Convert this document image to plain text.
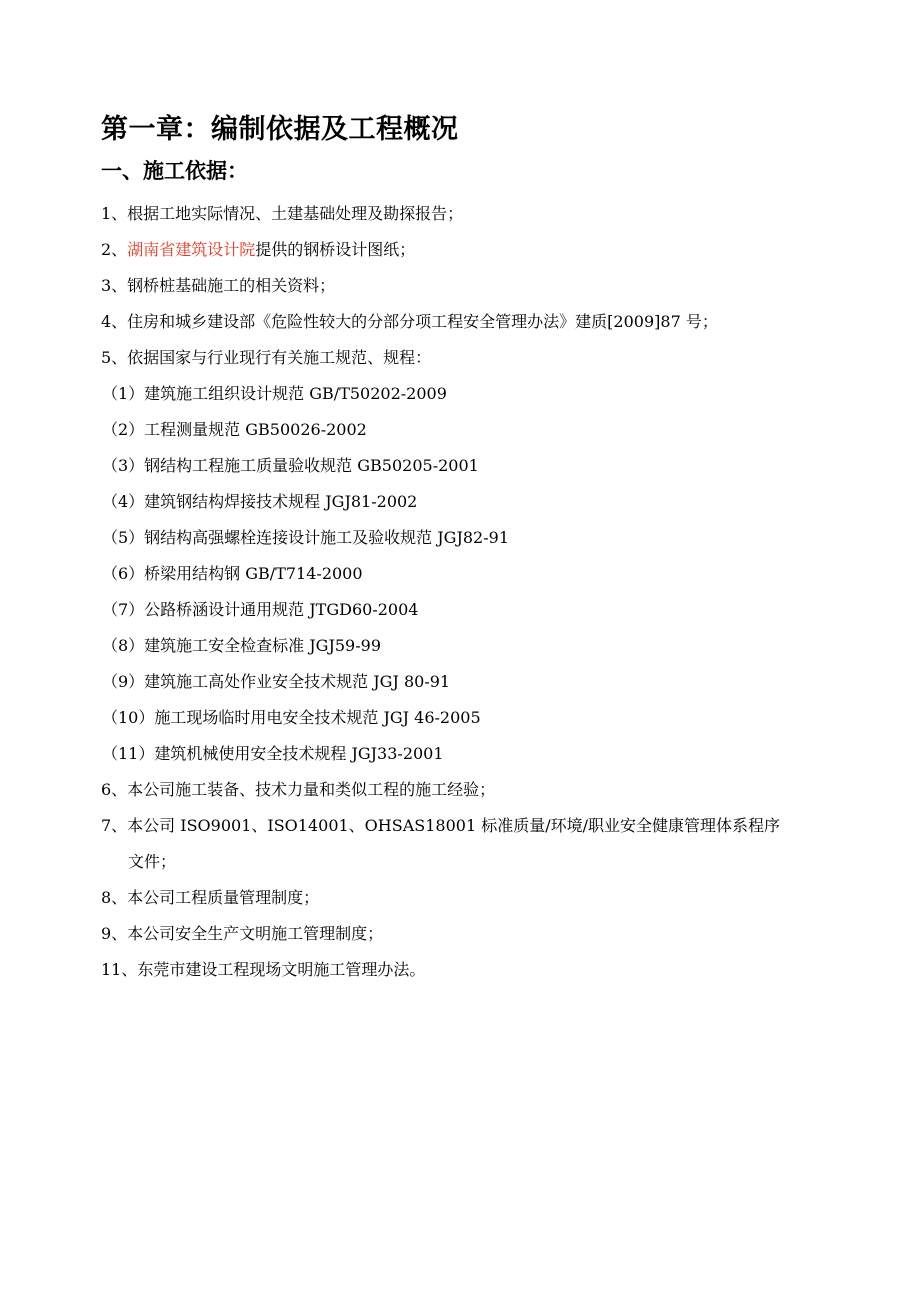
第一章：编制依据及工程概况
一、施工依据：
1、根据工地实际情况、土建基础处理及勘探报告；
2、湖南省建筑设计院提供的钢桥设计图纸；
3、钢桥桩基础施工的相关资料；
4、住房和城乡建设部《危险性较大的分部分项工程安全管理办法》建质[2009]87 号；
5、依据国家与行业现行有关施工规范、规程：
（1）建筑施工组织设计规范 GB/T50202-2009
（2）工程测量规范 GB50026-2002
（3）钢结构工程施工质量验收规范 GB50205-2001
（4）建筑钢结构焊接技术规程 JGJ81-2002
（5）钢结构高强螺栓连接设计施工及验收规范 JGJ82-91
（6）桥梁用结构钢 GB/T714-2000
（7）公路桥涵设计通用规范 JTGD60-2004
（8）建筑施工安全检查标准 JGJ59-99
（9）建筑施工高处作业安全技术规范 JGJ 80-91
（10）施工现场临时用电安全技术规范 JGJ 46-2005
（11）建筑机械使用安全技术规程 JGJ33-2001
6、本公司施工装备、技术力量和类似工程的施工经验；
7、本公司 ISO9001、ISO14001、OHSAS18001 标准质量/环境/职业安全健康管理体系程序
文件；
8、本公司工程质量管理制度；
9、本公司安全生产文明施工管理制度；
11、东莞市建设工程现场文明施工管理办法。
